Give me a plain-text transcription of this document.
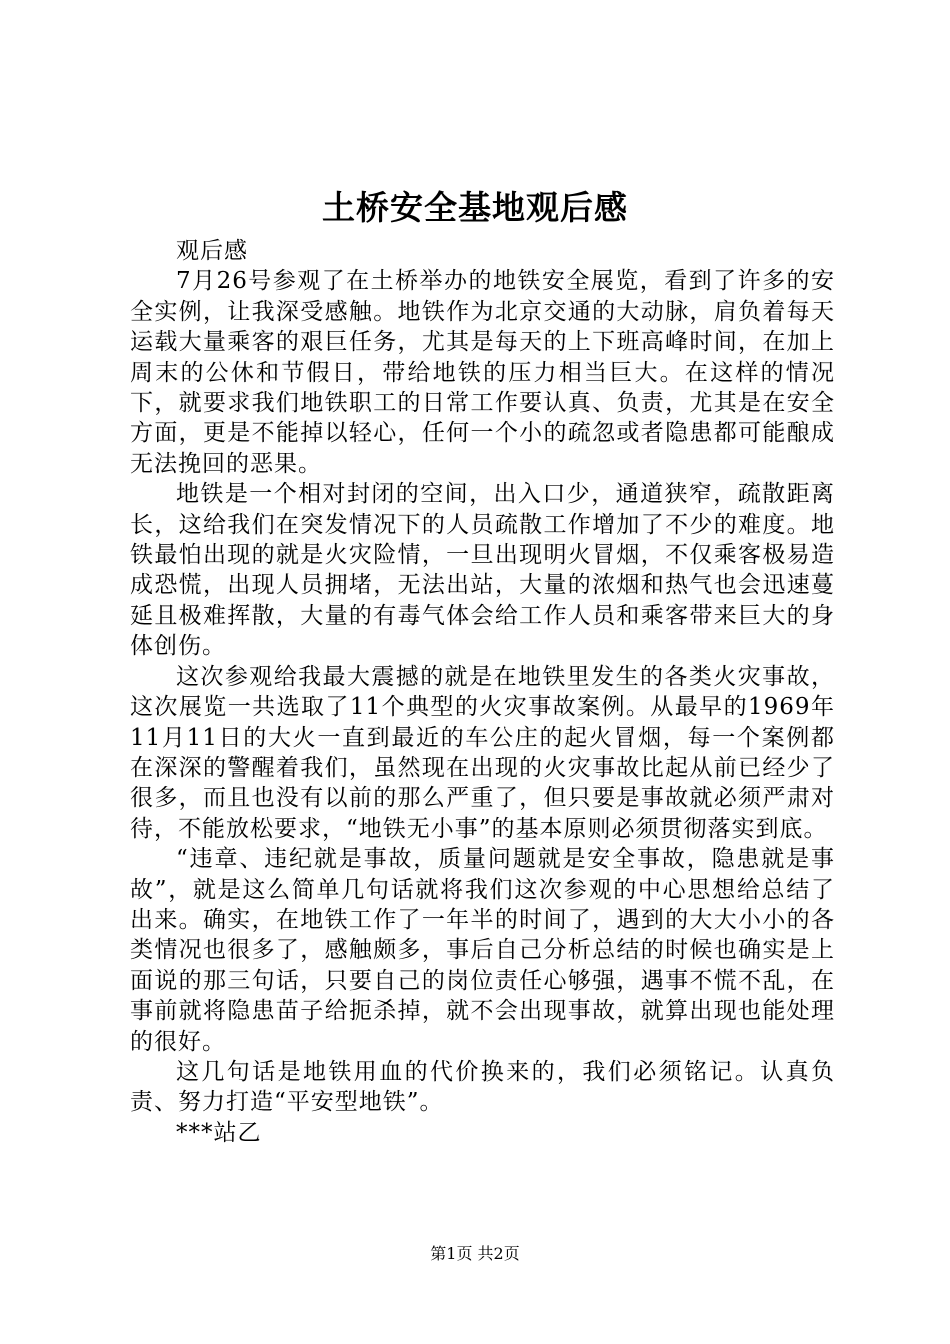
土桥安全基地观后感

观后感

7月26号参观了在土桥举办的地铁安全展览，看到了许多的安全实例，让我深受感触。地铁作为北京交通的大动脉，肩负着每天运载大量乘客的艰巨任务，尤其是每天的上下班高峰时间，在加上周末的公休和节假日，带给地铁的压力相当巨大。在这样的情况下，就要求我们地铁职工的日常工作要认真、负责，尤其是在安全方面，更是不能掉以轻心，任何一个小的疏忽或者隐患都可能酿成无法挽回的恶果。

地铁是一个相对封闭的空间，出入口少，通道狭窄，疏散距离长，这给我们在突发情况下的人员疏散工作增加了不少的难度。地铁最怕出现的就是火灾险情，一旦出现明火冒烟，不仅乘客极易造成恐慌，出现人员拥堵，无法出站，大量的浓烟和热气也会迅速蔓延且极难挥散，大量的有毒气体会给工作人员和乘客带来巨大的身体创伤。

这次参观给我最大震撼的就是在地铁里发生的各类火灾事故，这次展览一共选取了11个典型的火灾事故案例。从最早的1969年11月11日的大火一直到最近的车公庄的起火冒烟，每一个案例都在深深的警醒着我们，虽然现在出现的火灾事故比起从前已经少了很多，而且也没有以前的那么严重了，但只要是事故就必须严肃对待，不能放松要求，“地铁无小事”的基本原则必须贯彻落实到底。

“违章、违纪就是事故，质量问题就是安全事故，隐患就是事故”，就是这么简单几句话就将我们这次参观的中心思想给总结了出来。确实，在地铁工作了一年半的时间了，遇到的大大小小的各类情况也很多了，感触颇多，事后自己分析总结的时候也确实是上面说的那三句话，只要自己的岗位责任心够强，遇事不慌不乱，在事前就将隐患苗子给扼杀掉，就不会出现事故，就算出现也能处理的很好。

这几句话是地铁用血的代价换来的，我们必须铭记。认真负责、努力打造“平安型地铁”。

***站乙

第1页 共2页
